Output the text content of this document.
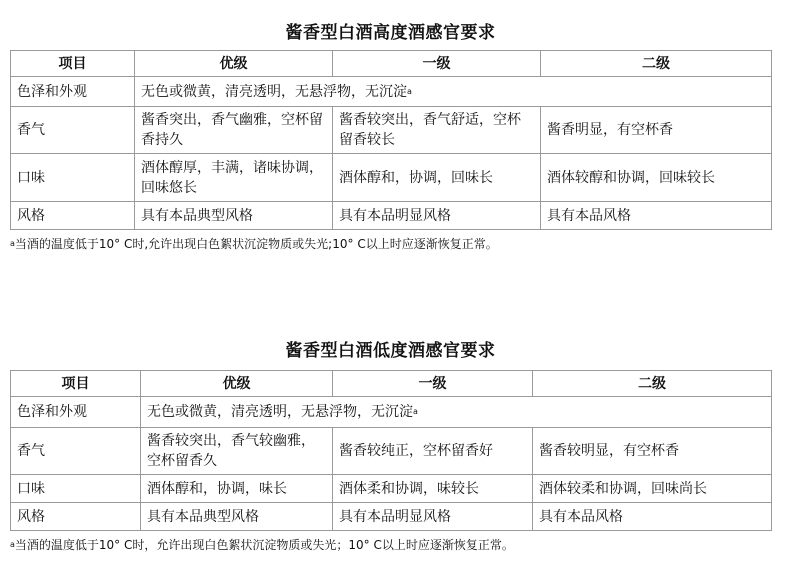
酱香型白酒高度酒感官要求
项目	优级	一级	二级
色泽和外观	无色或微黄，清亮透明，无悬浮物，无沉淀$^a$
香气	酱香突出，香气幽雅，空杯留香持久	酱香较突出，香气舒适，空杯留香较长	酱香明显，有空杯香
口味	酒体醇厚，丰满，诸味协调，回味悠长	酒体醇和，协调，回味长	酒体较醇和协调，回味较长
风格	具有本品典型风格	具有本品明显风格	具有本品风格
$^a$当酒的温度低于10° C时,允许出现白色絮状沉淀物质或失光;10° C以上时应逐渐恢复正常。
酱香型白酒低度酒感官要求
项目	优级	一级	二级
色泽和外观	无色或微黄，清亮透明，无悬浮物，无沉淀$^a$
香气	酱香较突出，香气较幽雅，空杯留香久	酱香较纯正，空杯留香好	酱香较明显，有空杯香
口味	酒体醇和，协调，味长	酒体柔和协调，味较长	酒体较柔和协调，回味尚长
风格	具有本品典型风格	具有本品明显风格	具有本品风格
$^a$当酒的温度低于10° C时，允许出现白色絮状沉淀物质或失光；10° C以上时应逐渐恢复正常。
